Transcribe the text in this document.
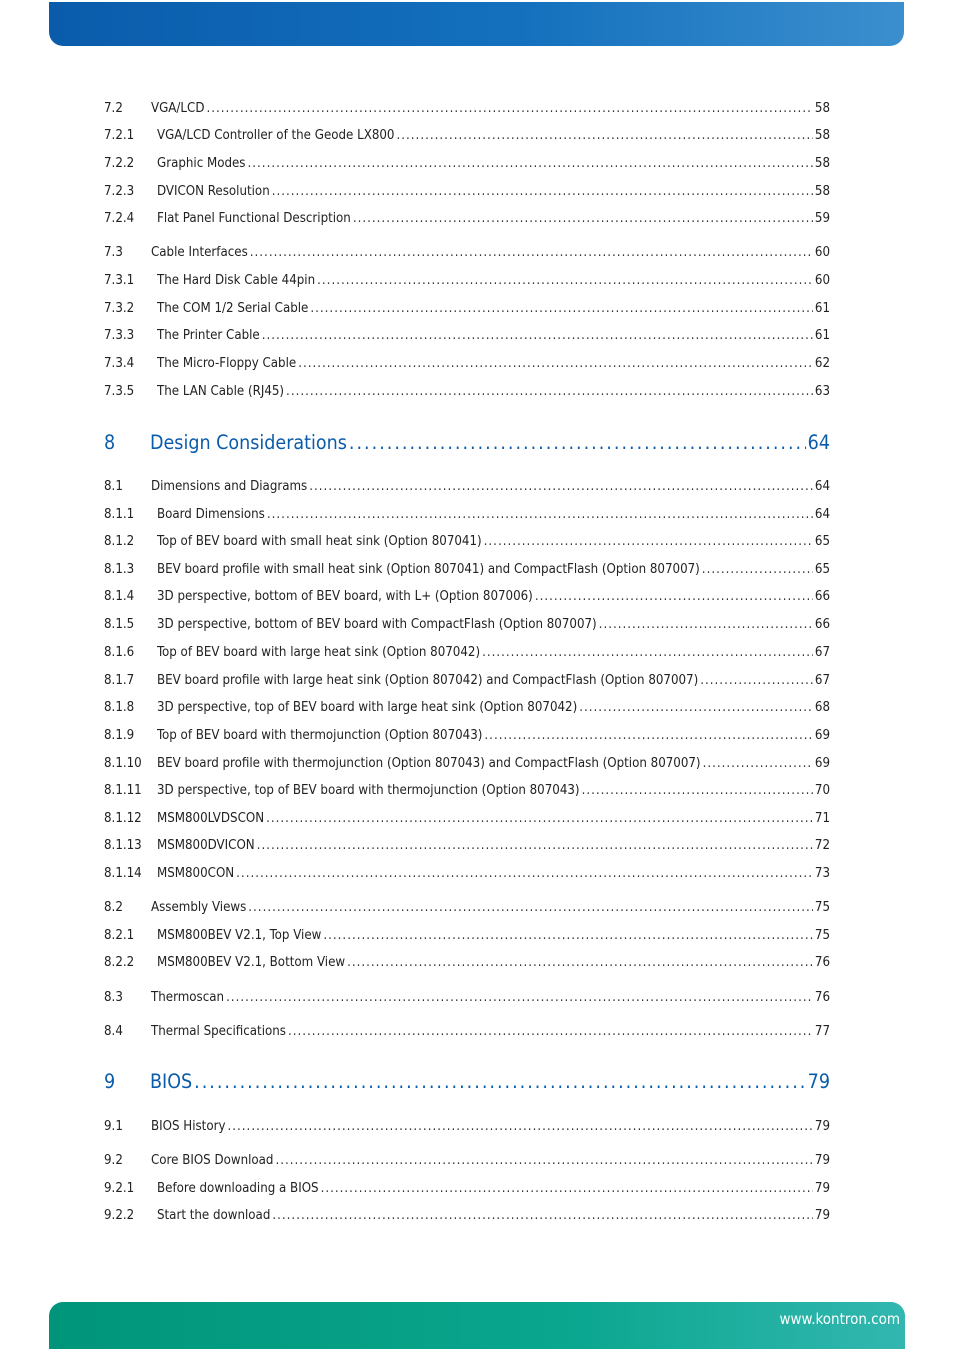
7.2	VGA/LCD .....	58
7.2.1	VGA/LCD Controller of the Geode LX800 .....	58
7.2.2	Graphic Modes .....	58
7.2.3	DVICON Resolution .....	58
7.2.4	Flat Panel Functional Description .....	59
7.3	Cable Interfaces .....	60
7.3.1	The Hard Disk Cable 44pin .....	60
7.3.2	The COM 1/2 Serial Cable .....	61
7.3.3	The Printer Cable .....	61
7.3.4	The Micro-Floppy Cable .....	62
7.3.5	The LAN Cable (RJ45) .....	63
8	Design Considerations .....	64
8.1	Dimensions and Diagrams .....	64
8.1.1	Board Dimensions .....	64
8.1.2	Top of BEV board with small heat sink (Option 807041) .....	65
8.1.3	BEV board profile with small heat sink (Option 807041) and CompactFlash (Option 807007) .....	65
8.1.4	3D perspective, bottom of BEV board, with L+ (Option 807006) .....	66
8.1.5	3D perspective, bottom of BEV board with CompactFlash (Option 807007) .....	66
8.1.6	Top of BEV board with large heat sink (Option 807042) .....	67
8.1.7	BEV board profile with large heat sink (Option 807042) and CompactFlash (Option 807007) .....	67
8.1.8	3D perspective, top of BEV board with large heat sink (Option 807042) .....	68
8.1.9	Top of BEV board with thermojunction (Option 807043) .....	69
8.1.10	BEV board profile with thermojunction (Option 807043) and CompactFlash (Option 807007) .....	69
8.1.11	3D perspective, top of BEV board with thermojunction (Option 807043) .....	70
8.1.12	MSM800LVDSCON .....	71
8.1.13	MSM800DVICON .....	72
8.1.14	MSM800CON .....	73
8.2	Assembly Views .....	75
8.2.1	MSM800BEV V2.1, Top View .....	75
8.2.2	MSM800BEV V2.1, Bottom View .....	76
8.3	Thermoscan .....	76
8.4	Thermal Specifications .....	77
9	BIOS .....	79
9.1	BIOS History .....	79
9.2	Core BIOS Download .....	79
9.2.1	Before downloading a BIOS .....	79
9.2.2	Start the download .....	79
www.kontron.com
